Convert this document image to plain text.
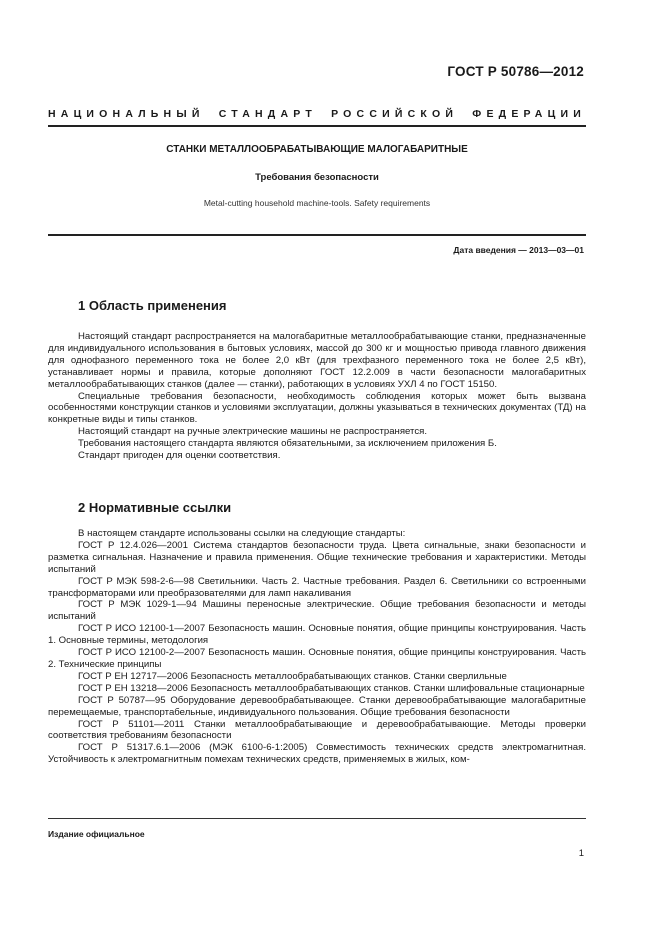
ГОСТ Р 50786—2012
НАЦИОНАЛЬНЫЙ СТАНДАРТ РОССИЙСКОЙ ФЕДЕРАЦИИ
СТАНКИ МЕТАЛЛООБРАБАТЫВАЮЩИЕ МАЛОГАБАРИТНЫЕ
Требования безопасности
Metal-cutting household machine-tools. Safety requirements
Дата введения — 2013—03—01
1 Область применения

Настоящий стандарт распространяется на малогабаритные металлообрабатывающие станки, предназначенные для индивидуального использования в бытовых условиях, массой до 300 кг и мощностью привода главного движения для однофазного переменного тока не более 2,0 кВт (для трехфазного переменного тока не более 2,5 кВт), устанавливает нормы и правила, которые дополняют ГОСТ 12.2.009 в части безопасности малогабаритных металлообрабатывающих станков (далее — станки), работающих в условиях УХЛ 4 по ГОСТ 15150.

Специальные требования безопасности, необходимость соблюдения которых может быть вызвана особенностями конструкции станков и условиями эксплуатации, должны указываться в технических документах (ТД) на конкретные виды и типы станков.

Настоящий стандарт на ручные электрические машины не распространяется.

Требования настоящего стандарта являются обязательными, за исключением приложения Б.

Стандарт пригоден для оценки соответствия.

2 Нормативные ссылки

В настоящем стандарте использованы ссылки на следующие стандарты:

ГОСТ Р 12.4.026—2001 Система стандартов безопасности труда. Цвета сигнальные, знаки безопасности и разметка сигнальная. Назначение и правила применения. Общие технические требования и характеристики. Методы испытаний

ГОСТ Р МЭК 598-2-6—98 Светильники. Часть 2. Частные требования. Раздел 6. Светильники со встроенными трансформаторами или преобразователями для ламп накаливания

ГОСТ Р МЭК 1029-1—94 Машины переносные электрические. Общие требования безопасности и методы испытаний

ГОСТ Р ИСО 12100-1—2007 Безопасность машин. Основные понятия, общие принципы конструирования. Часть 1. Основные термины, методология

ГОСТ Р ИСО 12100-2—2007 Безопасность машин. Основные понятия, общие принципы конструирования. Часть 2. Технические принципы

ГОСТ Р ЕН 12717—2006 Безопасность металлообрабатывающих станков. Станки сверлильные

ГОСТ Р ЕН 13218—2006 Безопасность металлообрабатывающих станков. Станки шлифовальные стационарные

ГОСТ Р 50787—95 Оборудование деревообрабатывающее. Станки деревообрабатывающие малогабаритные перемещаемые, транспортабельные, индивидуального пользования. Общие требования безопасности

ГОСТ Р 51101—2011 Станки металлообрабатывающие и деревообрабатывающие. Методы проверки соответствия требованиям безопасности

ГОСТ Р 51317.6.1—2006 (МЭК 6100-6-1:2005) Совместимость технических средств электромагнитная. Устойчивость к электромагнитным помехам технических средств, применяемых в жилых, ком-

Издание официальное
1
